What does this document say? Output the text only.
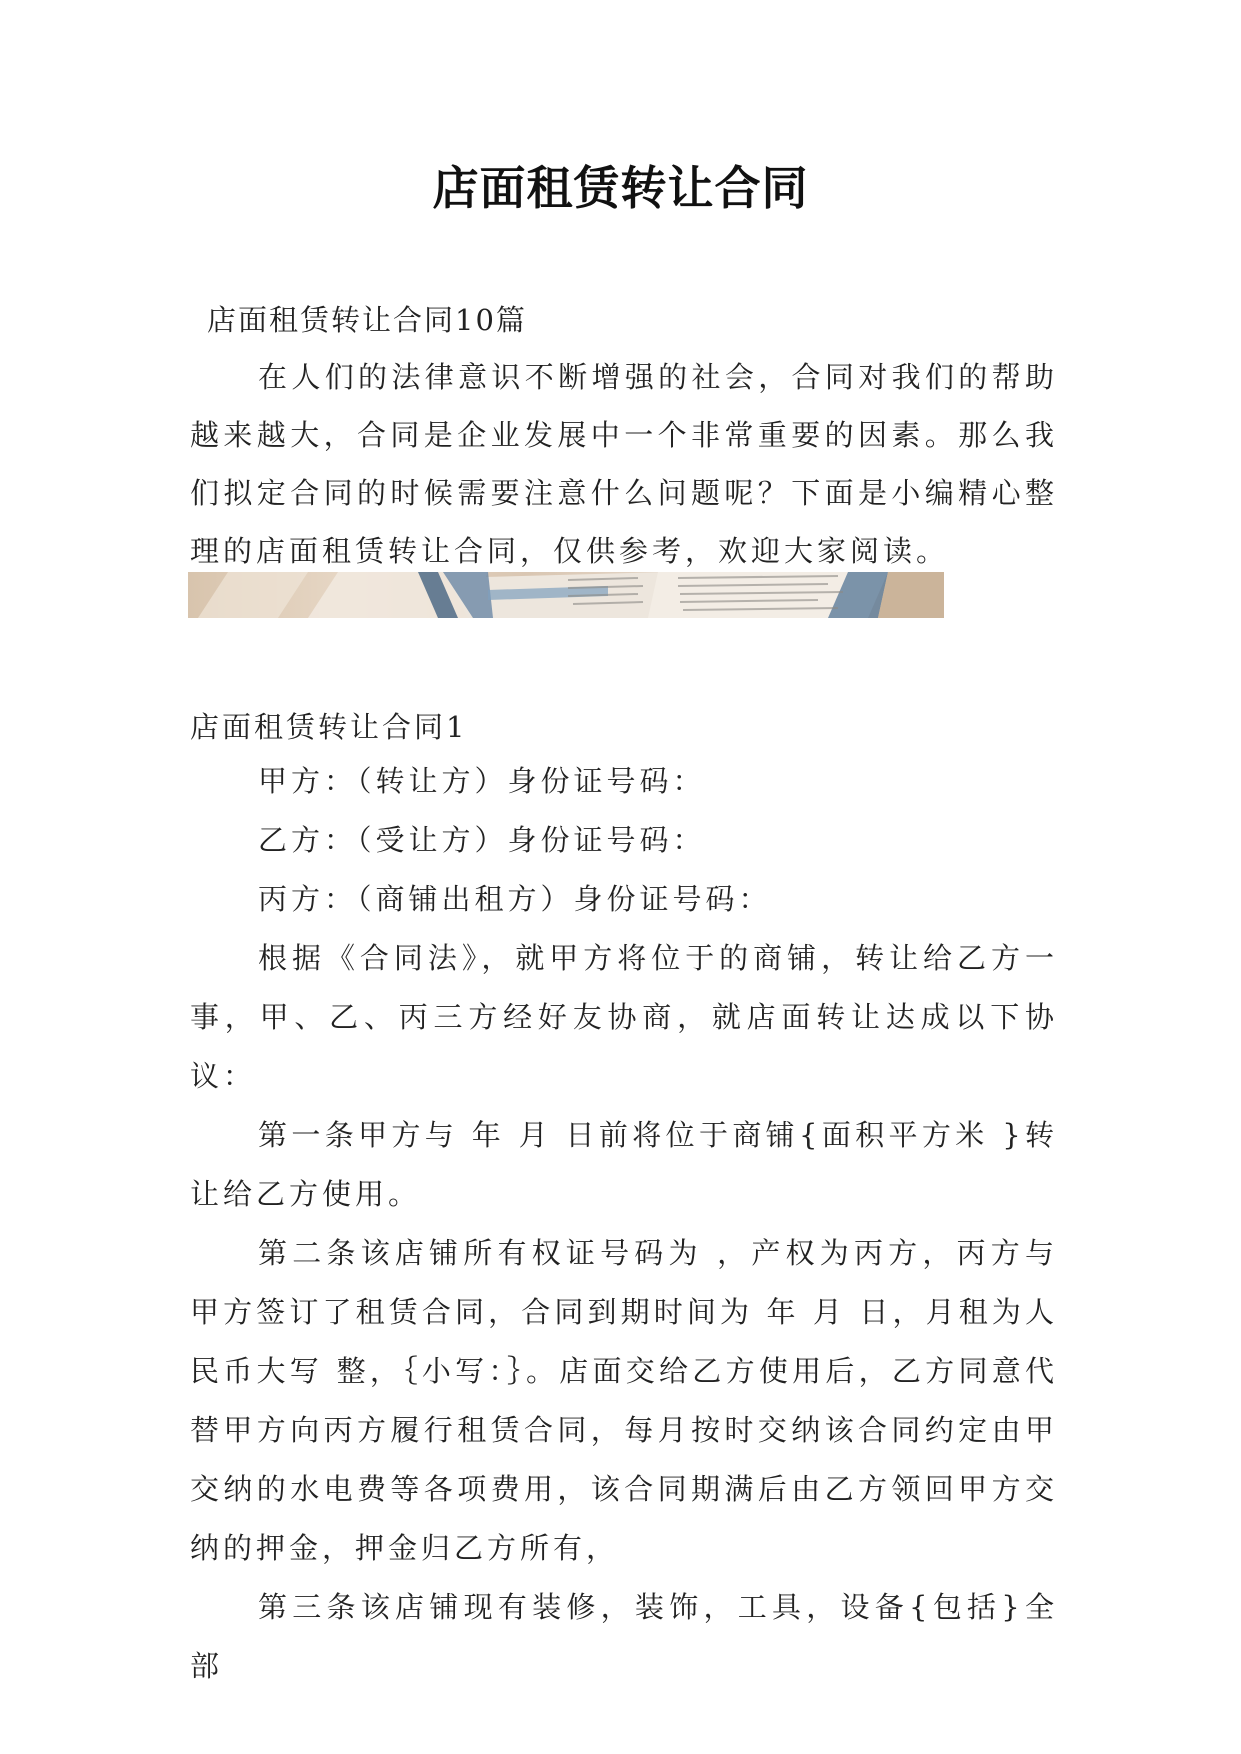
店面租赁转让合同
店面租赁转让合同10篇
在人们的法律意识不断增强的社会，合同对我们的帮助越来越大，合同是企业发展中一个非常重要的因素。那么我们拟定合同的时候需要注意什么问题呢？下面是小编精心整理的店面租赁转让合同，仅供参考，欢迎大家阅读。
店面租赁转让合同1

甲方：（转让方）身份证号码：

乙方：（受让方）身份证号码：

丙方：（商铺出租方）身份证号码：

根据《合同法》，就甲方将位于的商铺，转让给乙方一事，甲、乙、丙三方经好友协商，就店面转让达成以下协议：

第一条甲方与 年 月 日前将位于商铺{面积平方米 }转让给乙方使用。

第二条该店铺所有权证号码为 ，产权为丙方，丙方与甲方签订了租赁合同，合同到期时间为 年 月 日，月租为人民币大写 整，｛小写：｝。店面交给乙方使用后，乙方同意代替甲方向丙方履行租赁合同，每月按时交纳该合同约定由甲交纳的水电费等各项费用，该合同期满后由乙方领回甲方交纳的押金，押金归乙方所有，

第三条该店铺现有装修，装饰，工具，设备{包括}全部
